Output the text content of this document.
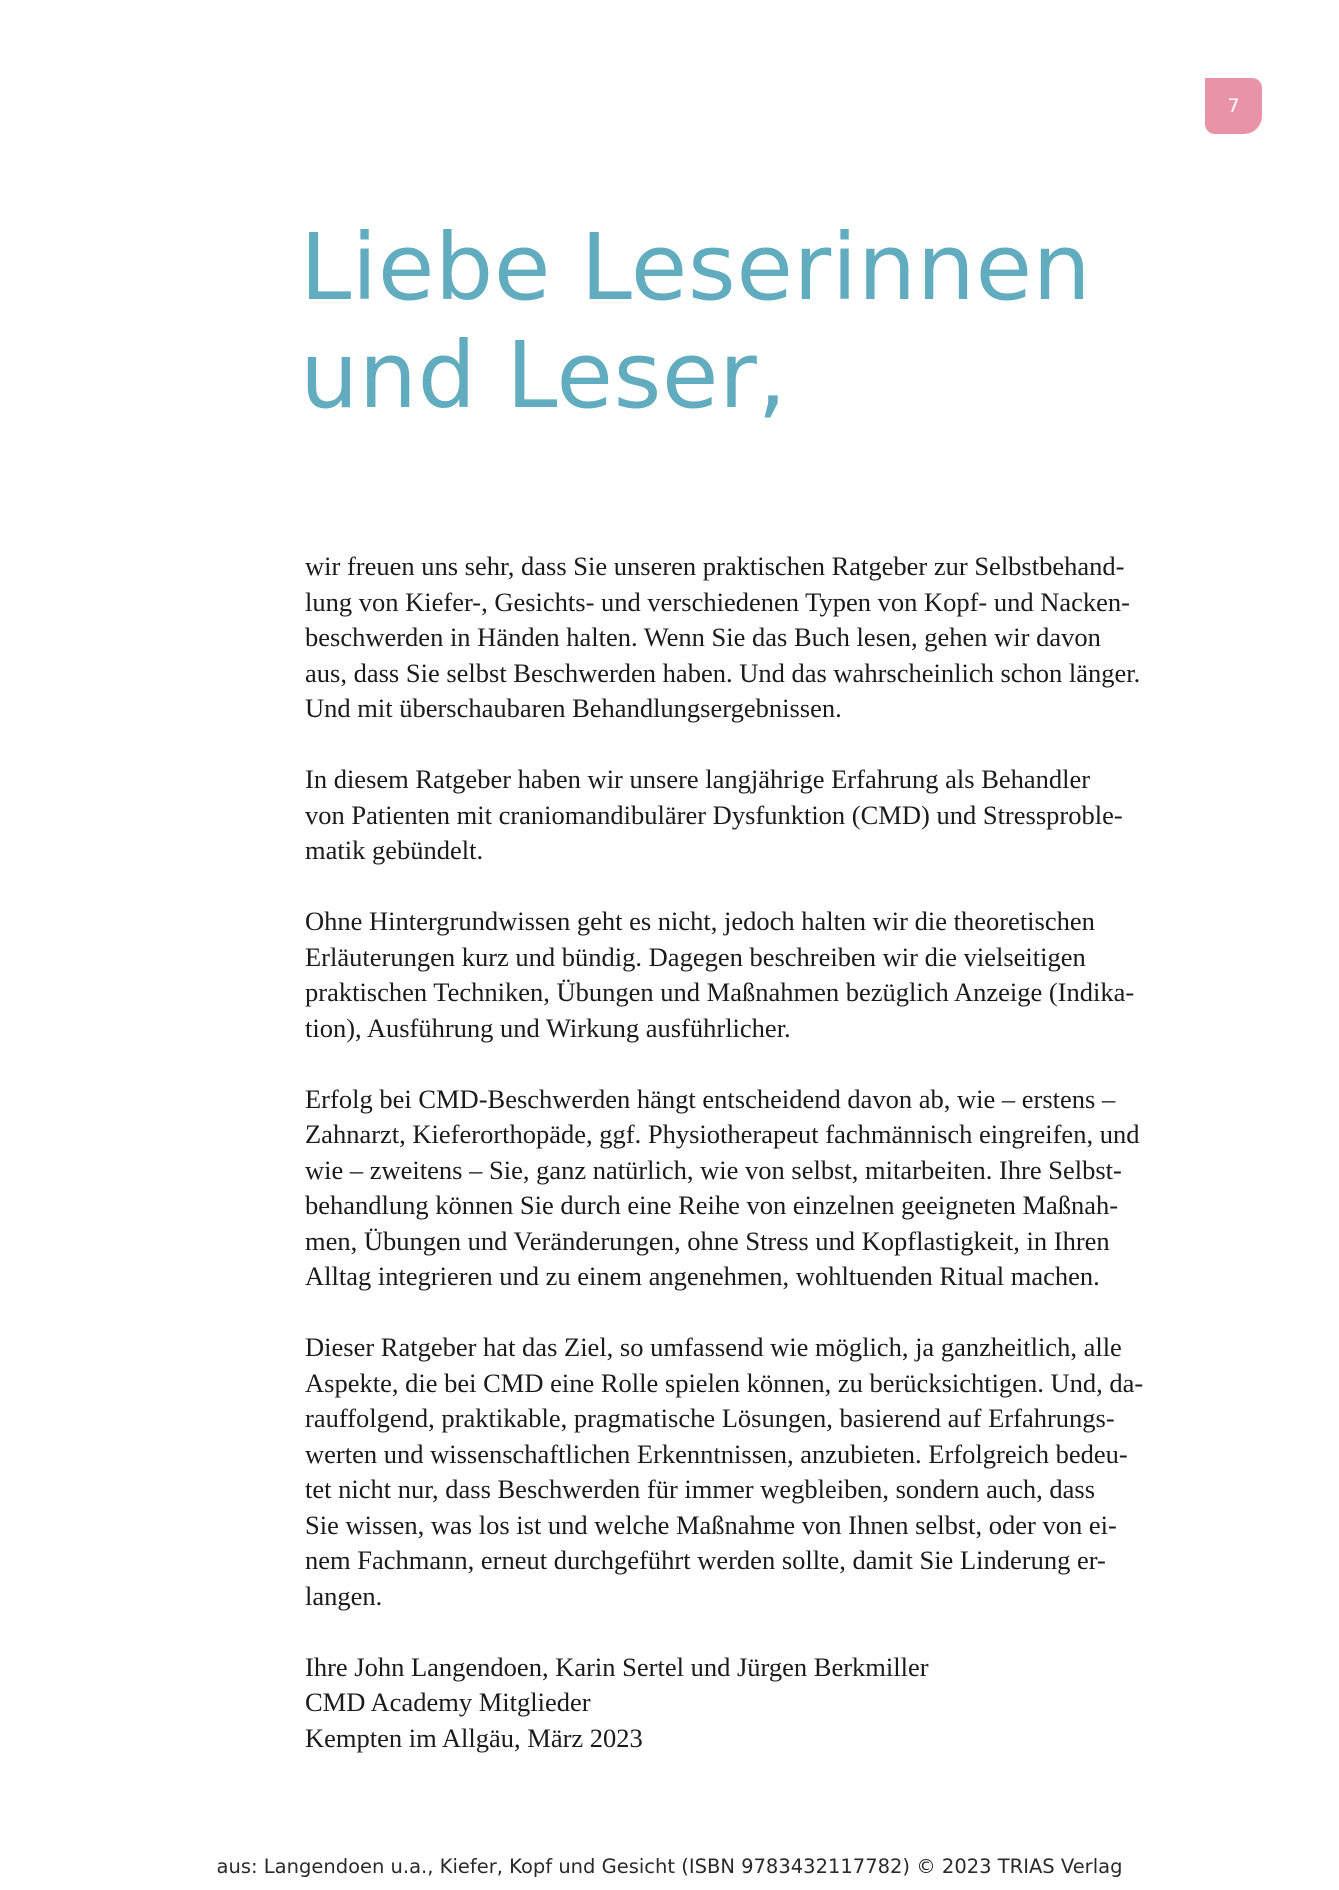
7
Liebe Leserinnen
und Leser,

wir freuen uns sehr, dass Sie unseren praktischen Ratgeber zur Selbstbehand-
lung von Kiefer-, Gesichts- und verschiedenen Typen von Kopf- und Nacken-
beschwerden in Händen halten. Wenn Sie das Buch lesen, gehen wir davon
aus, dass Sie selbst Beschwerden haben. Und das wahrscheinlich schon länger.
Und mit überschaubaren Behandlungsergebnissen.

In diesem Ratgeber haben wir unsere langjährige Erfahrung als Behandler
von Patienten mit craniomandibulärer Dysfunktion (CMD) und Stressproble-
matik gebündelt.

Ohne Hintergrundwissen geht es nicht, jedoch halten wir die theoretischen
Erläuterungen kurz und bündig. Dagegen beschreiben wir die vielseitigen
praktischen Techniken, Übungen und Maßnahmen bezüglich Anzeige (Indika-
tion), Ausführung und Wirkung ausführlicher.

Erfolg bei CMD-Beschwerden hängt entscheidend davon ab, wie – erstens –
Zahnarzt, Kieferorthopäde, ggf. Physiotherapeut fachmännisch eingreifen, und
wie – zweitens – Sie, ganz natürlich, wie von selbst, mitarbeiten. Ihre Selbst-
behandlung können Sie durch eine Reihe von einzelnen geeigneten Maßnah-
men, Übungen und Veränderungen, ohne Stress und Kopflastigkeit, in Ihren
Alltag integrieren und zu einem angenehmen, wohltuenden Ritual machen.

Dieser Ratgeber hat das Ziel, so umfassend wie möglich, ja ganzheitlich, alle
Aspekte, die bei CMD eine Rolle spielen können, zu berücksichtigen. Und, da-
rauffolgend, praktikable, pragmatische Lösungen, basierend auf Erfahrungs-
werten und wissenschaftlichen Erkenntnissen, anzubieten. Erfolgreich bedeu-
tet nicht nur, dass Beschwerden für immer wegbleiben, sondern auch, dass
Sie wissen, was los ist und welche Maßnahme von Ihnen selbst, oder von ei-
nem Fachmann, erneut durchgeführt werden sollte, damit Sie Linderung er-
langen.

Ihre John Langendoen, Karin Sertel und Jürgen Berkmiller
CMD Academy Mitglieder
Kempten im Allgäu, März 2023

aus: Langendoen u.a., Kiefer, Kopf und Gesicht (ISBN 9783432117782) © 2023 TRIAS Verlag
